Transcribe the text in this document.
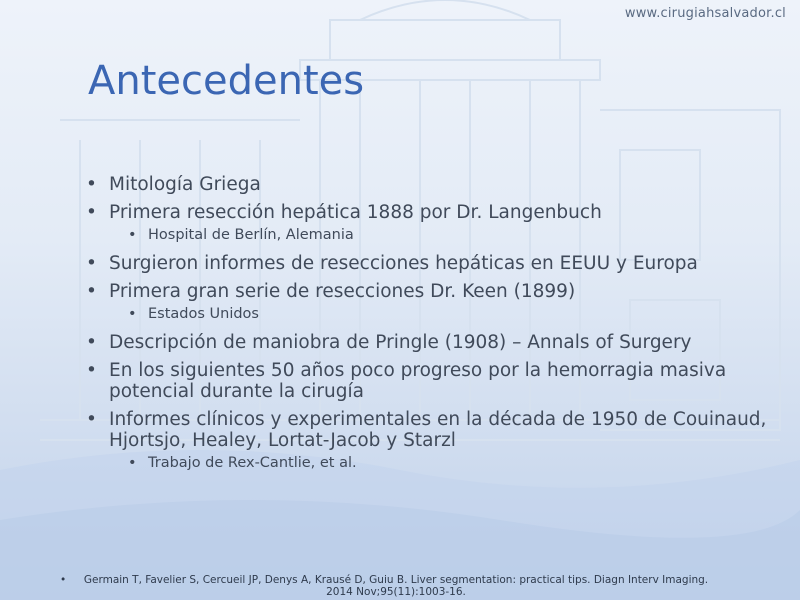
www.cirugiahsalvador.cl
Antecedentes
• Mitología Griega
• Primera resección hepática 1888 por Dr. Langenbuch
• Hospital de Berlín, Alemania
• Surgieron informes de resecciones hepáticas en EEUU y Europa
• Primera gran serie de resecciones Dr. Keen (1899)
• Estados Unidos
• Descripción de maniobra de Pringle (1908) – Annals of Surgery
• En los siguientes 50 años poco progreso por la hemorragia masiva potencial durante la cirugía
• Informes clínicos y experimentales en la década de 1950 de Couinaud, Hjortsjo, Healey, Lortat-Jacob y Starzl
• Trabajo de Rex-Cantlie, et al.
•	Germain T, Favelier S, Cercueil JP, Denys A, Krausé D, Guiu B. Liver segmentation: practical tips. Diagn Interv Imaging. 2014 Nov;95(11):1003-16.
